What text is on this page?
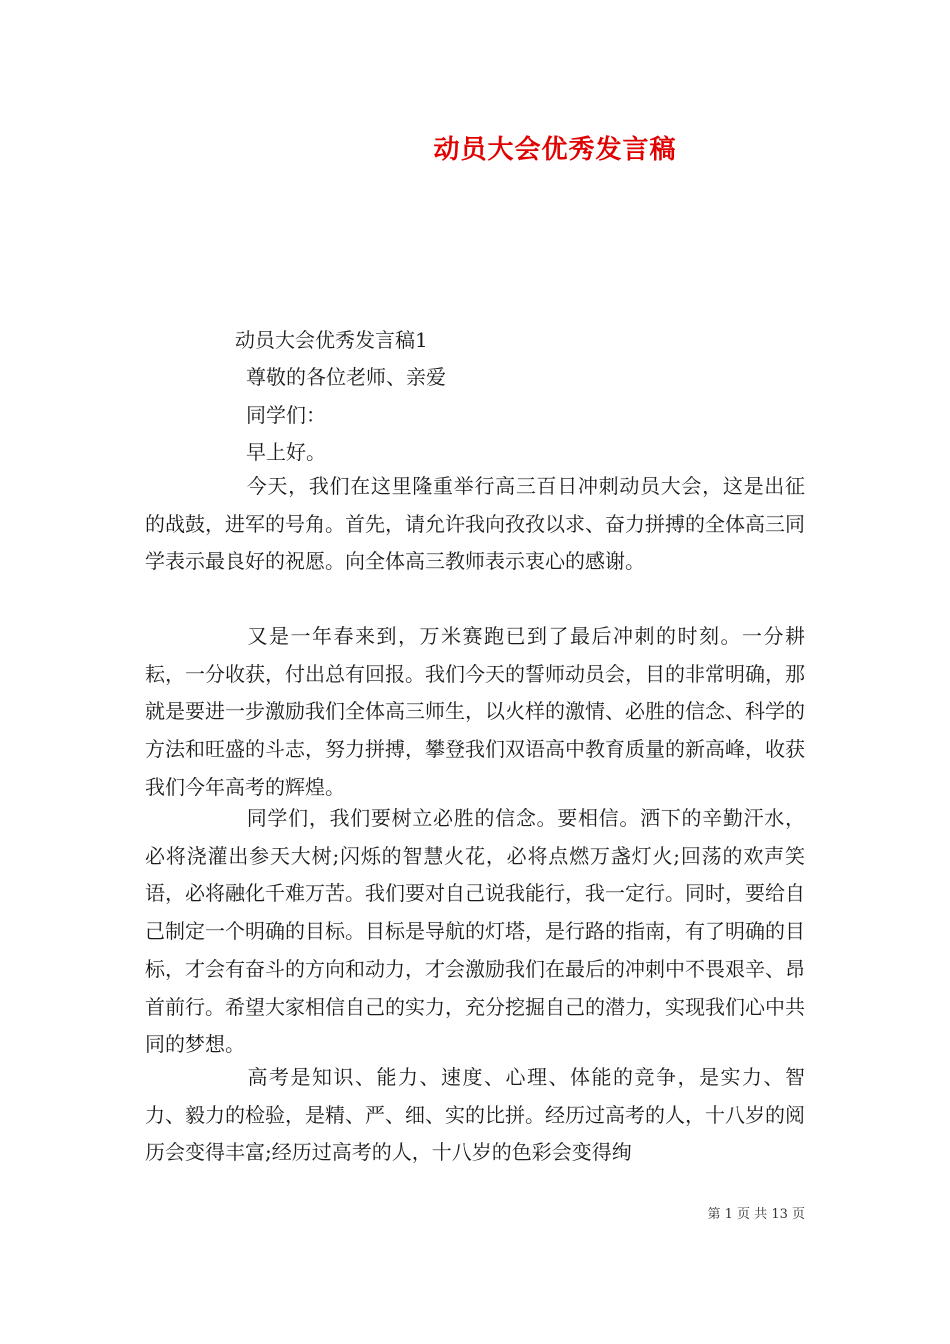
动员大会优秀发言稿
动员大会优秀发言稿1
尊敬的各位老师、亲爱
同学们：
早上好。

今天，我们在这里隆重举行高三百日冲刺动员大会，这是出征的战鼓，进军的号角。首先，请允许我向孜孜以求、奋力拼搏的全体高三同学表示最良好的祝愿。向全体高三教师表示衷心的感谢。

又是一年春来到，万米赛跑已到了最后冲刺的时刻。一分耕耘，一分收获，付出总有回报。我们今天的誓师动员会，目的非常明确，那就是要进一步激励我们全体高三师生，以火样的激情、必胜的信念、科学的方法和旺盛的斗志，努力拼搏，攀登我们双语高中教育质量的新高峰，收获我们今年高考的辉煌。

同学们，我们要树立必胜的信念。要相信。洒下的辛勤汗水，必将浇灌出参天大树;闪烁的智慧火花，必将点燃万盏灯火;回荡的欢声笑语，必将融化千难万苦。我们要对自己说我能行，我一定行。同时，要给自己制定一个明确的目标。目标是导航的灯塔，是行路的指南，有了明确的目标，才会有奋斗的方向和动力，才会激励我们在最后的冲刺中不畏艰辛、昂首前行。希望大家相信自己的实力，充分挖掘自己的潜力，实现我们心中共同的梦想。

高考是知识、能力、速度、心理、体能的竞争，是实力、智力、毅力的检验，是精、严、细、实的比拼。经历过高考的人，十八岁的阅历会变得丰富;经历过高考的人，十八岁的色彩会变得绚

第 1 页 共 13 页
